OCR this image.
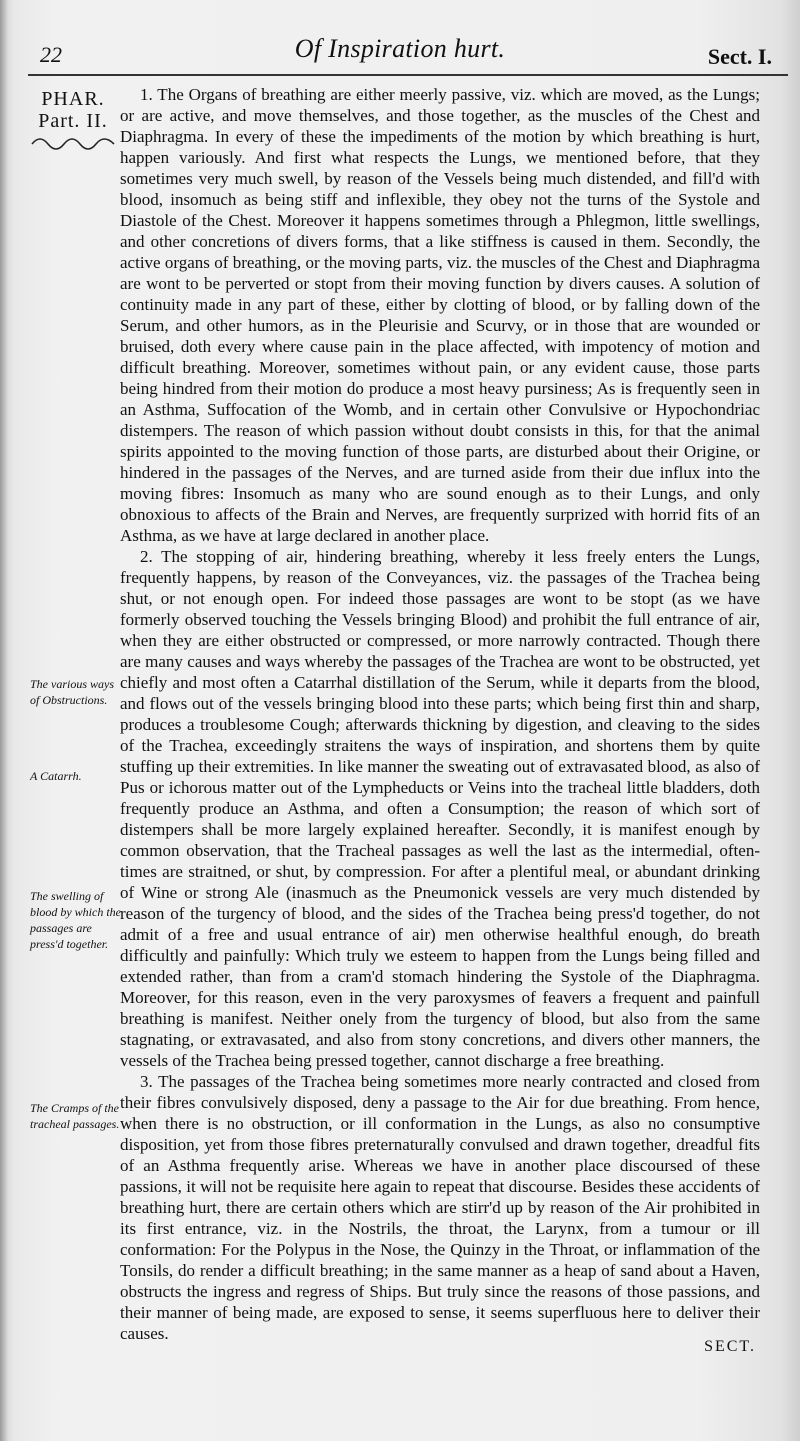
22	Of Inspiration hurt.	Sect. I.
PHAR.
Part. II.
The various ways of Obstructions.
A Catarrh.
The swelling of blood by which the passages are press'd together.
The Cramps of the tracheal passages.

1. The Organs of breathing are either meerly passive, viz. which are moved, as the Lungs; or are active, and move themselves, and those together, as the muscles of the Chest and Diaphragma. In every of these the impediments of the motion by which breathing is hurt, happen variously. And first what respects the Lungs, we mentioned before, that they sometimes very much swell, by reason of the Vessels being much distended, and fill'd with blood, insomuch as being stiff and inflexible, they obey not the turns of the Systole and Diastole of the Chest. Moreover it happens sometimes through a Phlegmon, little swellings, and other concretions of divers forms, that a like stiffness is caused in them. Secondly, the active organs of breathing, or the moving parts, viz. the muscles of the Chest and Diaphragma are wont to be perverted or stopt from their moving function by divers causes. A solution of continuity made in any part of these, either by clotting of blood, or by falling down of the Serum, and other humors, as in the Pleurisie and Scurvy, or in those that are wounded or bruised, doth every where cause pain in the place affected, with impotency of motion and difficult breathing. Moreover, sometimes without pain, or any evident cause, those parts being hindred from their motion do produce a most heavy pursiness; As is frequently seen in an Asthma, Suffocation of the Womb, and in certain other Convulsive or Hypochondriac distempers. The reason of which passion without doubt consists in this, for that the animal spirits appointed to the moving function of those parts, are disturbed about their Origine, or hindered in the passages of the Nerves, and are turned aside from their due influx into the moving fibres: Insomuch as many who are sound enough as to their Lungs, and only obnoxious to affects of the Brain and Nerves, are frequently surprized with horrid fits of an Asthma, as we have at large declared in another place.

2. The stopping of air, hindering breathing, whereby it less freely enters the Lungs, frequently happens, by reason of the Conveyances, viz. the passages of the Trachea being shut, or not enough open. For indeed those passages are wont to be stopt (as we have formerly observed touching the Vessels bringing Blood) and prohibit the full entrance of air, when they are either obstructed or compressed, or more narrowly contracted. Though there are many causes and ways whereby the passages of the Trachea are wont to be obstructed, yet chiefly and most often a Catarrhal distillation of the Serum, while it departs from the blood, and flows out of the vessels bringing blood into these parts; which being first thin and sharp, produces a troublesome Cough; afterwards thickning by digestion, and cleaving to the sides of the Trachea, exceedingly straitens the ways of inspiration, and shortens them by quite stuffing up their extremities. In like manner the sweating out of extravasated blood, as also of Pus or ichorous matter out of the Lympheducts or Veins into the tracheal little bladders, doth frequently produce an Asthma, and often a Consumption; the reason of which sort of distempers shall be more largely explained hereafter. Secondly, it is manifest enough by common observation, that the Tracheal passages as well the last as the intermedial, often-times are straitned, or shut, by compression. For after a plentiful meal, or abundant drinking of Wine or strong Ale (inasmuch as the Pneumonick vessels are very much distended by reason of the turgency of blood, and the sides of the Trachea being press'd together, do not admit of a free and usual entrance of air) men otherwise healthful enough, do breath difficultly and painfully: Which truly we esteem to happen from the Lungs being filled and extended rather, than from a cram'd stomach hindering the Systole of the Diaphragma. Moreover, for this reason, even in the very paroxysmes of feavers a frequent and painfull breathing is manifest. Neither onely from the turgency of blood, but also from the same stagnating, or extravasated, and also from stony concretions, and divers other manners, the vessels of the Trachea being pressed together, cannot discharge a free breathing.

3. The passages of the Trachea being sometimes more nearly contracted and closed from their fibres convulsively disposed, deny a passage to the Air for due breathing. From hence, when there is no obstruction, or ill conformation in the Lungs, as also no consumptive disposition, yet from those fibres preternaturally convulsed and drawn together, dreadful fits of an Asthma frequently arise. Whereas we have in another place discoursed of these passions, it will not be requisite here again to repeat that discourse. Besides these accidents of breathing hurt, there are certain others which are stirr'd up by reason of the Air prohibited in its first entrance, viz. in the Nostrils, the throat, the Larynx, from a tumour or ill conformation: For the Polypus in the Nose, the Quinzy in the Throat, or inflammation of the Tonsils, do render a difficult breathing; in the same manner as a heap of sand about a Haven, obstructs the ingress and regress of Ships. But truly since the reasons of those passions, and their manner of being made, are exposed to sense, it seems superfluous here to deliver their causes.

SECT.
